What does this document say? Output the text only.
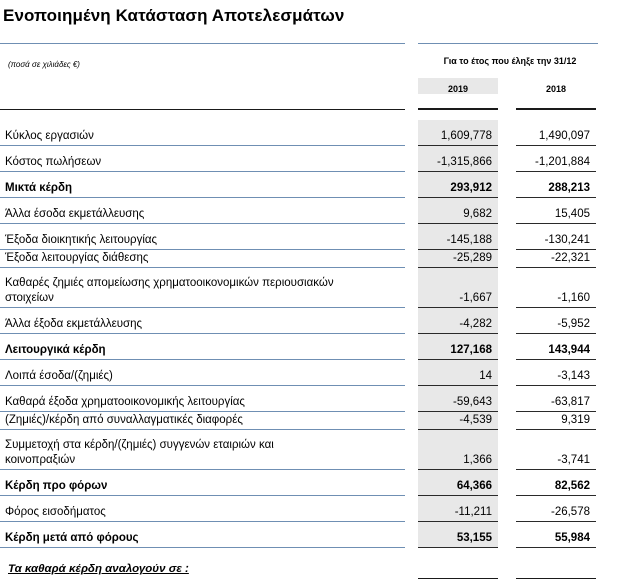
Ενοποιημένη Κατάσταση Αποτελεσμάτων
(ποσά σε χιλιάδες €)	Για το έτος που έληξε την 31/12
2019	2018
Κύκλος εργασιών	1,609,778	1,490,097
Κόστος πωλήσεων	-1,315,866	-1,201,884
Μικτά κέρδη	293,912	288,213
Άλλα έσοδα εκμετάλλευσης	9,682	15,405
Έξοδα διοικητικής λειτουργίας	-145,188	-130,241
Έξοδα λειτουργίας διάθεσης	-25,289	-22,321
Καθαρές ζημιές απομείωσης χρηματοοικονομικών περιουσιακών
στοιχείων	-1,667	-1,160
Άλλα έξοδα εκμετάλλευσης	-4,282	-5,952
Λειτουργικά κέρδη	127,168	143,944
Λοιπά έσοδα/(ζημιές)	14	-3,143
Καθαρά έξοδα χρηματοοικονομικής λειτουργίας	-59,643	-63,817
(Ζημιές)/κέρδη από συναλλαγματικές διαφορές	-4,539	9,319
Συμμετοχή στα κέρδη/(ζημιές) συγγενών εταιριών και
κοινοπραξιών	1,366	-3,741
Κέρδη προ φόρων	64,366	82,562
Φόρος εισοδήματος	-11,211	-26,578
Κέρδη μετά από φόρους	53,155	55,984
Τα καθαρά κέρδη αναλογούν σε :
